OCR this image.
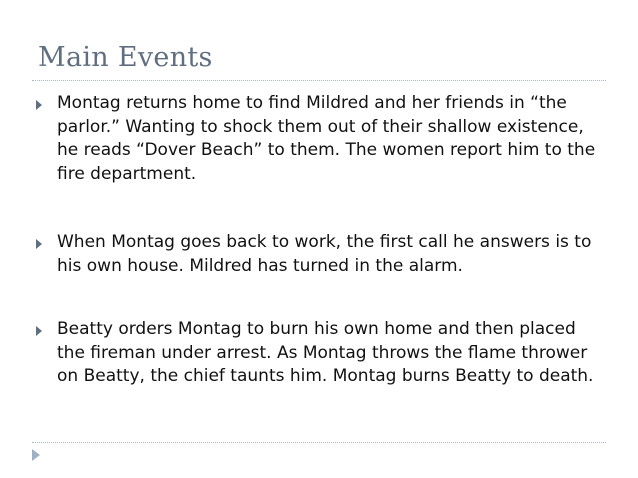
Main Events

Montag returns home to find Mildred and her friends in “the parlor.” Wanting to shock them out of their shallow existence, he reads “Dover Beach” to them. The women report him to the fire department.

When Montag goes back to work, the first call he answers is to his own house. Mildred has turned in the alarm.

Beatty orders Montag to burn his own home and then placed the fireman under arrest. As Montag throws the flame thrower on Beatty, the chief taunts him. Montag burns Beatty to death.
